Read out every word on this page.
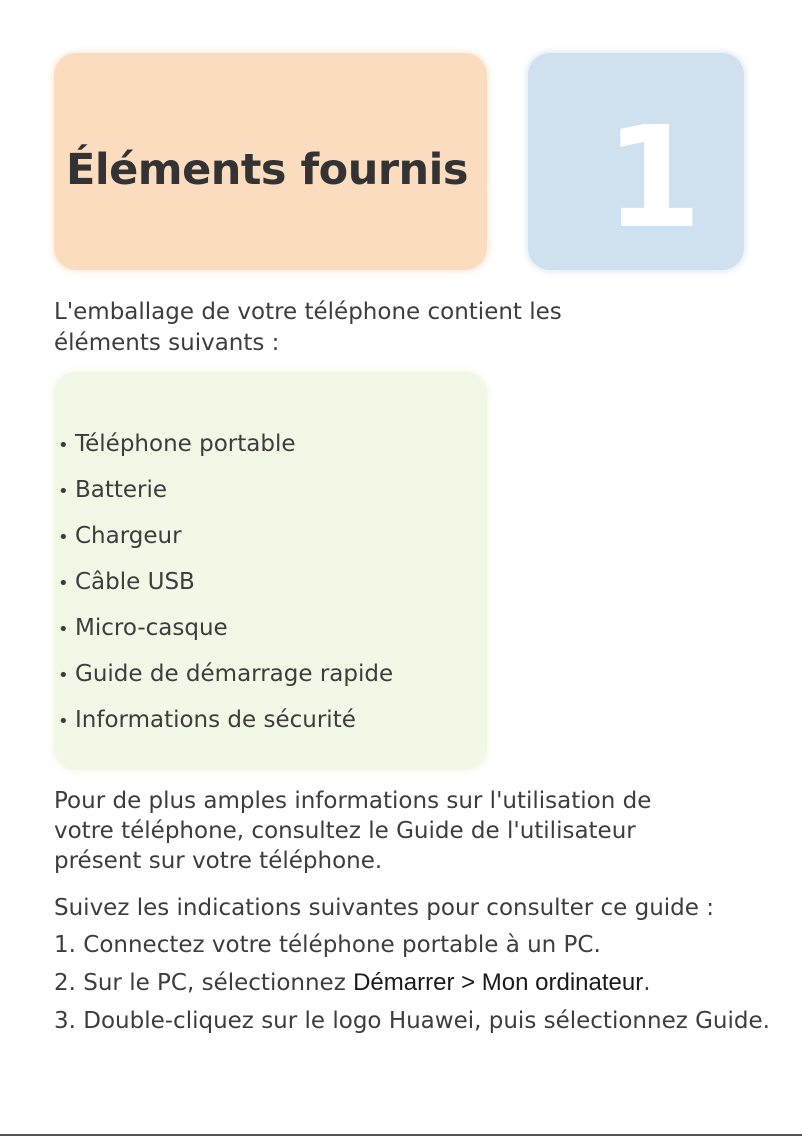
Éléments fournis 1

L'emballage de votre téléphone contient les éléments suivants :

• Téléphone portable
• Batterie
• Chargeur
• Câble USB
• Micro-casque
• Guide de démarrage rapide
• Informations de sécurité

Pour de plus amples informations sur l'utilisation de votre téléphone, consultez le Guide de l'utilisateur présent sur votre téléphone.

Suivez les indications suivantes pour consulter ce guide :

1. Connectez votre téléphone portable à un PC.
2. Sur le PC, sélectionnez Démarrer > Mon ordinateur.
3. Double-cliquez sur le logo Huawei, puis sélectionnez Guide.
